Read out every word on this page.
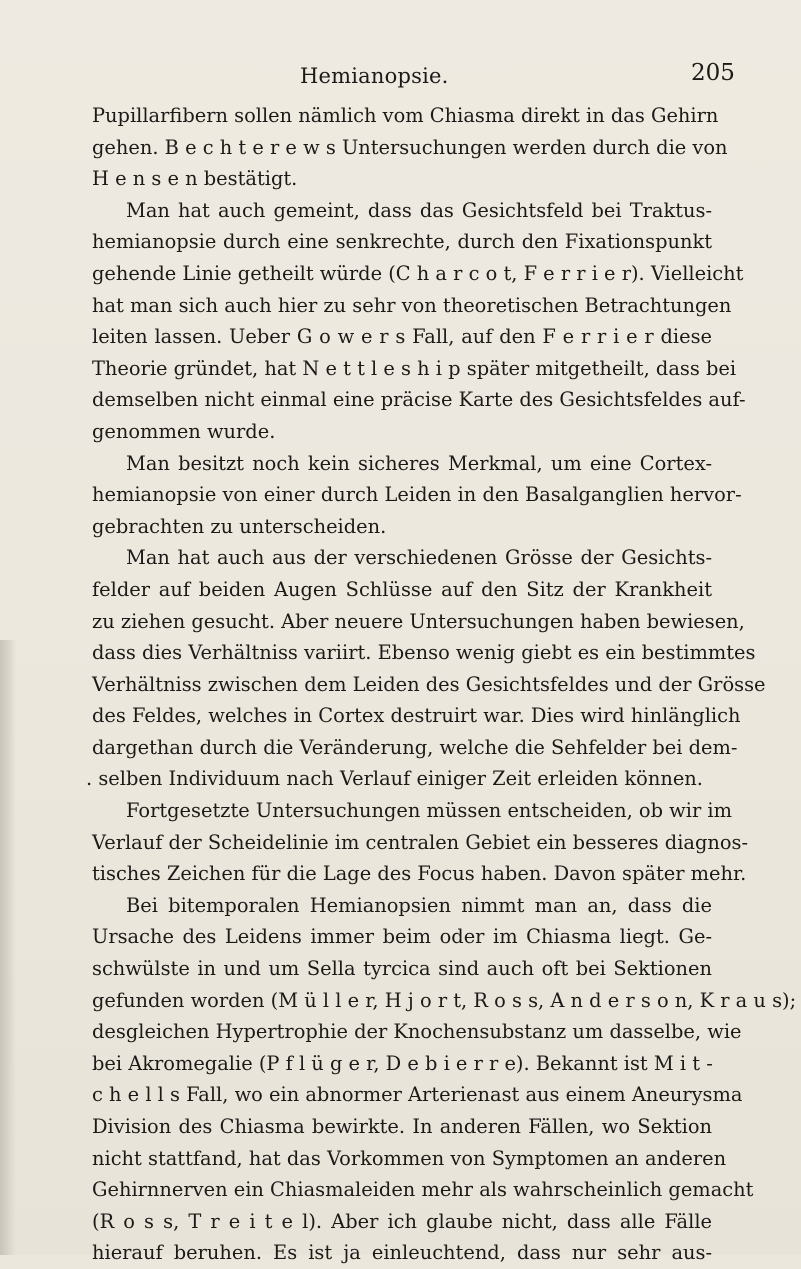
Hemianopsie.	205
Pupillarfibern sollen nämlich vom Chiasma direkt in das Gehirn
gehen. B e c h t e r e w s Untersuchungen werden durch die von
H e n s e n bestätigt.
Man hat auch gemeint, dass das Gesichtsfeld bei Traktus-
hemianopsie durch eine senkrechte, durch den Fixationspunkt
gehende Linie getheilt würde (C h a r c o t, F e r r i e r). Vielleicht
hat man sich auch hier zu sehr von theoretischen Betrachtungen
leiten lassen. Ueber G o w e r s Fall, auf den F e r r i e r diese
Theorie gründet, hat N e t t l e s h i p später mitgetheilt, dass bei
demselben nicht einmal eine präcise Karte des Gesichtsfeldes auf-
genommen wurde.
Man besitzt noch kein sicheres Merkmal, um eine Cortex-
hemianopsie von einer durch Leiden in den Basalganglien hervor-
gebrachten zu unterscheiden.
Man hat auch aus der verschiedenen Grösse der Gesichts-
felder auf beiden Augen Schlüsse auf den Sitz der Krankheit
zu ziehen gesucht. Aber neuere Untersuchungen haben bewiesen,
dass dies Verhältniss variirt. Ebenso wenig giebt es ein bestimmtes
Verhältniss zwischen dem Leiden des Gesichtsfeldes und der Grösse
des Feldes, welches in Cortex destruirt war. Dies wird hinlänglich
dargethan durch die Veränderung, welche die Sehfelder bei dem-
. selben Individuum nach Verlauf einiger Zeit erleiden können.
Fortgesetzte Untersuchungen müssen entscheiden, ob wir im
Verlauf der Scheidelinie im centralen Gebiet ein besseres diagnos-
tisches Zeichen für die Lage des Focus haben. Davon später mehr.
Bei bitemporalen Hemianopsien nimmt man an, dass die
Ursache des Leidens immer beim oder im Chiasma liegt. Ge-
schwülste in und um Sella tyrcica sind auch oft bei Sektionen
gefunden worden (M ü l l e r, H j o r t, R o s s, A n d e r s o n, K r a u s);
desgleichen Hypertrophie der Knochensubstanz um dasselbe, wie
bei Akromegalie (P f l ü g e r, D e b i e r r e). Bekannt ist M i t -
c h e l l s Fall, wo ein abnormer Arterienast aus einem Aneurysma
Division des Chiasma bewirkte. In anderen Fällen, wo Sektion
nicht stattfand, hat das Vorkommen von Symptomen an anderen
Gehirnnerven ein Chiasmaleiden mehr als wahrscheinlich gemacht
(R o s s, T r e i t e l). Aber ich glaube nicht, dass alle Fälle
hierauf beruhen. Es ist ja einleuchtend, dass nur sehr aus-
